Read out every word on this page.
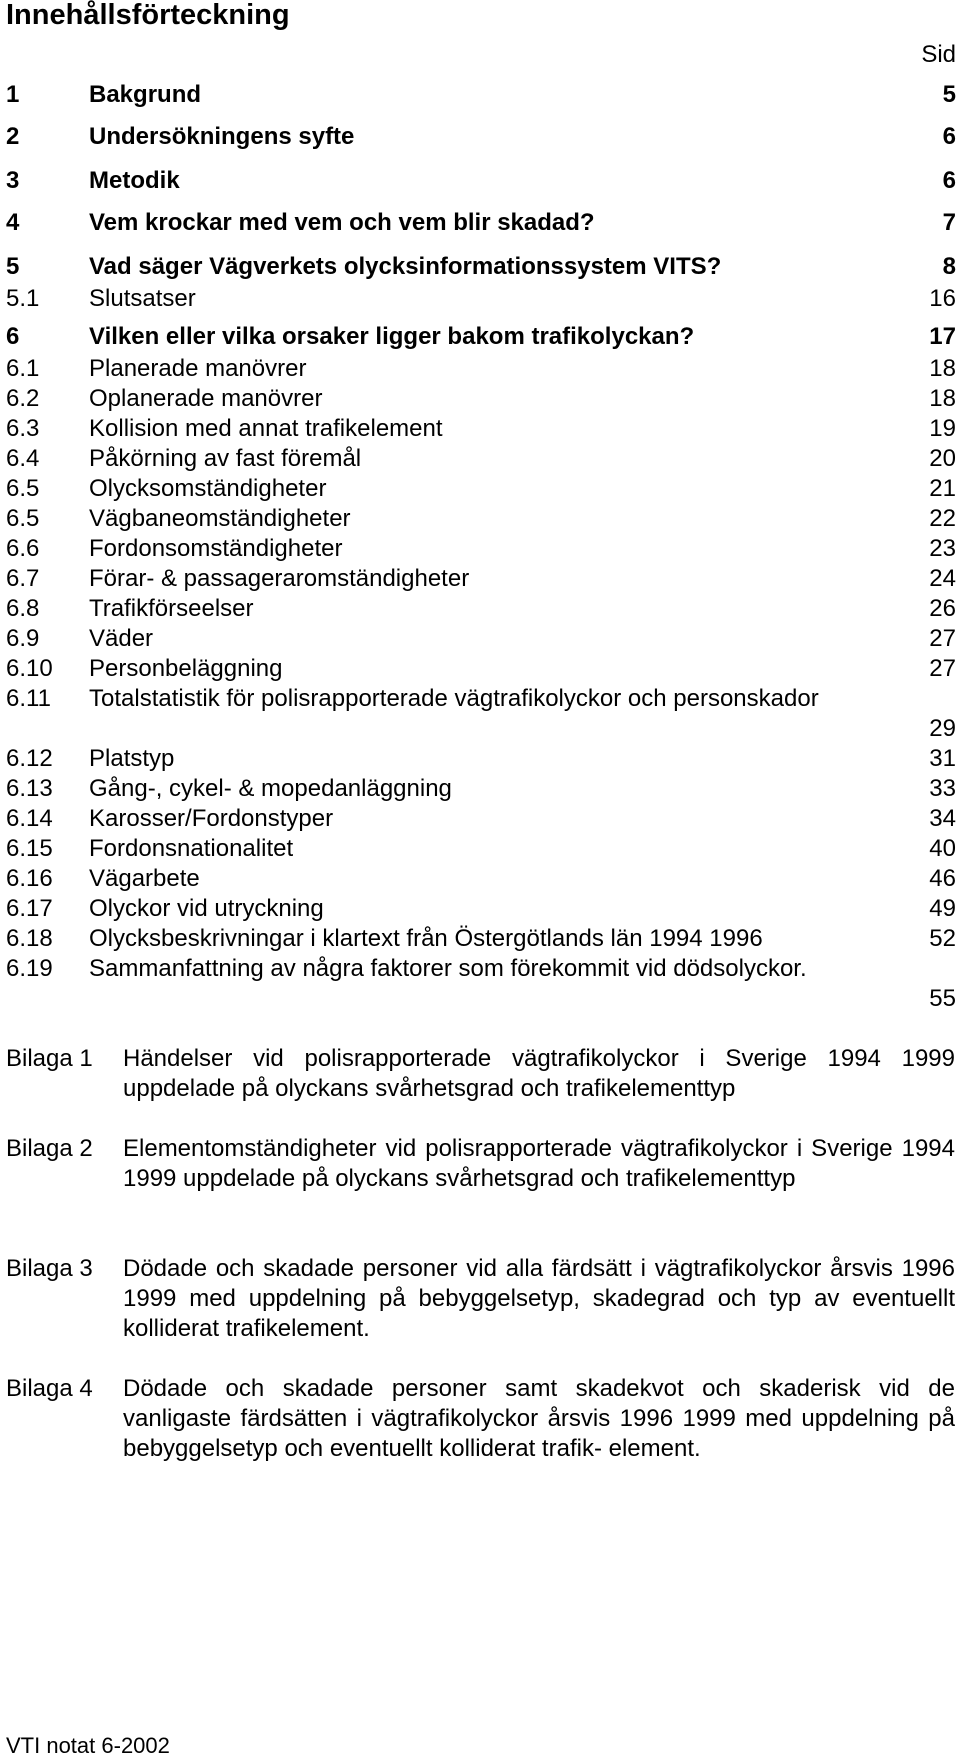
Innehållsförteckning
Sid
1	Bakgrund	5
2	Undersökningens syfte	6
3	Metodik	6
4	Vem krockar med vem och vem blir skadad?	7
5	Vad säger Vägverkets olycksinformationssystem VITS?	8
5.1 Slutsatser	16
6	Vilken eller vilka orsaker ligger bakom trafikolyckan?	17
6.1 Planerade manövrer	18
6.2 Oplanerade manövrer	18
6.3 Kollision med annat trafikelement	19
6.4 Påkörning av fast föremål	20
6.5 Olycksomständigheter	21
6.5 Vägbaneomständigheter	22
6.6 Fordonsomständigheter	23
6.7 Förar- & passageraromständigheter	24
6.8 Trafikförseelser	26
6.9 Väder	27
6.10 Personbeläggning	27
6.11 Totalstatistik för polisrapporterade vägtrafikolyckor och personskador
29
6.12 Platstyp	31
6.13 Gång-, cykel- & mopedanläggning	33
6.14 Karosser/Fordonstyper	34
6.15 Fordonsnationalitet	40
6.16 Vägarbete	46
6.17 Olyckor vid utryckning	49
6.18 Olycksbeskrivningar i klartext från Östergötlands län 1994 1996	52
6.19 Sammanfattning av några faktorer som förekommit vid dödsolyckor.
55
Bilaga 1 Händelser vid polisrapporterade vägtrafikolyckor i Sverige 1994 1999 uppdelade på olyckans svårhetsgrad och trafikelementtyp
Bilaga 2 Elementomständigheter vid polisrapporterade vägtrafikolyckor i Sverige 1994 1999 uppdelade på olyckans svårhetsgrad och trafikelementtyp
Bilaga 3 Dödade och skadade personer vid alla färdsätt i vägtrafikolyckor årsvis 1996 1999 med uppdelning på bebyggelsetyp, skadegrad och typ av eventuellt kolliderat trafikelement.
Bilaga 4 Dödade och skadade personer samt skadekvot och skaderisk vid de vanligaste färdsätten i vägtrafikolyckor årsvis 1996 1999 med uppdelning på bebyggelsetyp och eventuellt kolliderat trafik- element.
VTI notat 6-2002
